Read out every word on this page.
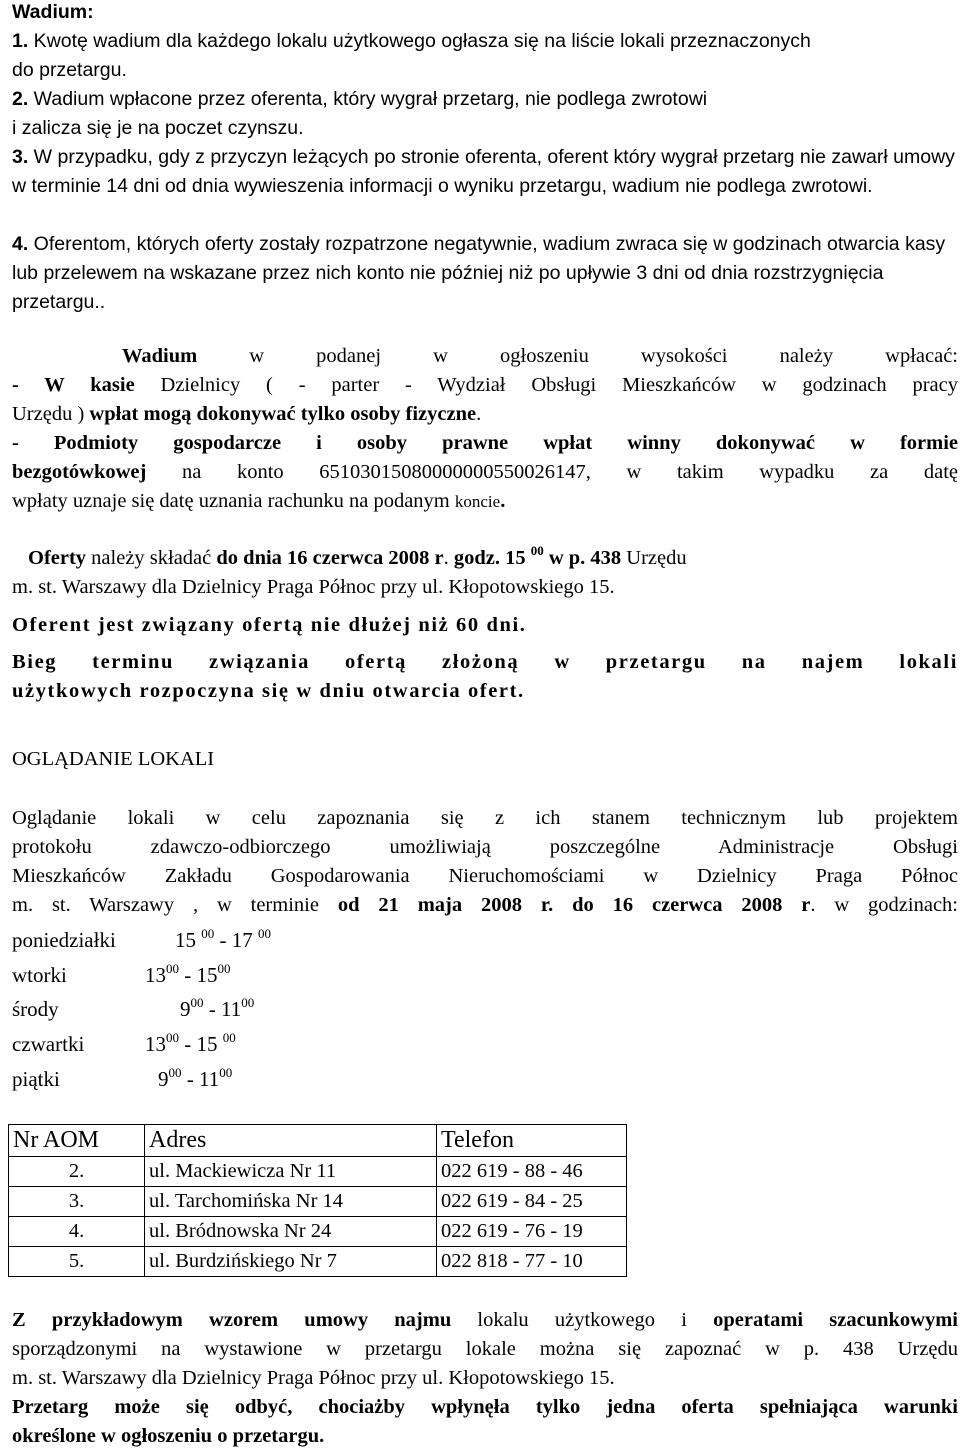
Wadium:
1. Kwotę wadium dla każdego lokalu użytkowego ogłasza się na liście lokali przeznaczonych
do przetargu.
2. Wadium wpłacone przez oferenta, który wygrał przetarg, nie podlega zwrotowi
i zalicza się je na poczet czynszu.
3. W przypadku, gdy z przyczyn leżących po stronie oferenta, oferent który wygrał przetarg nie zawarł umowy w terminie 14 dni od dnia wywieszenia informacji o wyniku przetargu, wadium nie podlega zwrotowi.
4. Oferentom, których oferty zostały rozpatrzone negatywnie, wadium zwraca się w godzinach otwarcia kasy lub przelewem na wskazane przez nich konto nie później niż po upływie 3 dni od dnia rozstrzygnięcia przetargu..
Wadium w podanej w ogłoszeniu wysokości należy wpłacać:
- W kasie Dzielnicy ( - parter - Wydział Obsługi Mieszkańców w godzinach pracy
Urzędu ) wpłat mogą dokonywać tylko osoby fizyczne.
- Podmioty gospodarcze i osoby prawne wpłat winny dokonywać w formie
bezgotówkowej na konto 65103015080000000550026147, w takim wypadku za datę
wpłaty uznaje się datę uznania rachunku na podanym koncie.
Oferty należy składać do dnia 16 czerwca 2008 r. godz. 15 $^{00}$ w p. 438 Urzędu
m. st. Warszawy dla Dzielnicy Praga Północ przy ul. Kłopotowskiego 15.
Oferent jest związany ofertą nie dłużej niż 60 dni.
Bieg terminu związania ofertą złożoną w przetargu na najem lokali
użytkowych rozpoczyna się w dniu otwarcia ofert.
OGLĄDANIE LOKALI
Oglądanie lokali w celu zapoznania się z ich stanem technicznym lub projektem
protokołu zdawczo-odbiorczego umożliwiają poszczególne Administracje Obsługi
Mieszkańców Zakładu Gospodarowania Nieruchomościami w Dzielnicy Praga Północ
m. st. Warszawy , w terminie od 21 maja 2008 r. do 16 czerwca 2008 r. w godzinach:
poniedziałki	15 $^{00}$ - 17 $^{00}$
wtorki	$13^{00} - 15^{00}$
środy	$9^{00} - 11^{00}$
czwartki	$13^{00} - 15$ $^{00}$
piątki	$9^{00} - 11^{00}$
Nr AOM	Adres	Telefon
2.	ul. Mackiewicza Nr 11	022 619 - 88 - 46
3.	ul. Tarchomińska Nr 14	022 619 - 84 - 25
4.	ul. Bródnowska Nr 24	022 619 - 76 - 19
5.	ul. Burdzińskiego Nr 7	022 818 - 77 - 10
Z przykładowym wzorem umowy najmu lokalu użytkowego i operatami szacunkowymi
sporządzonymi na wystawione w przetargu lokale można się zapoznać w p. 438 Urzędu
m. st. Warszawy dla Dzielnicy Praga Północ przy ul. Kłopotowskiego 15.
Przetarg może się odbyć, chociażby wpłynęła tylko jedna oferta spełniająca warunki
określone w ogłoszeniu o przetargu.
